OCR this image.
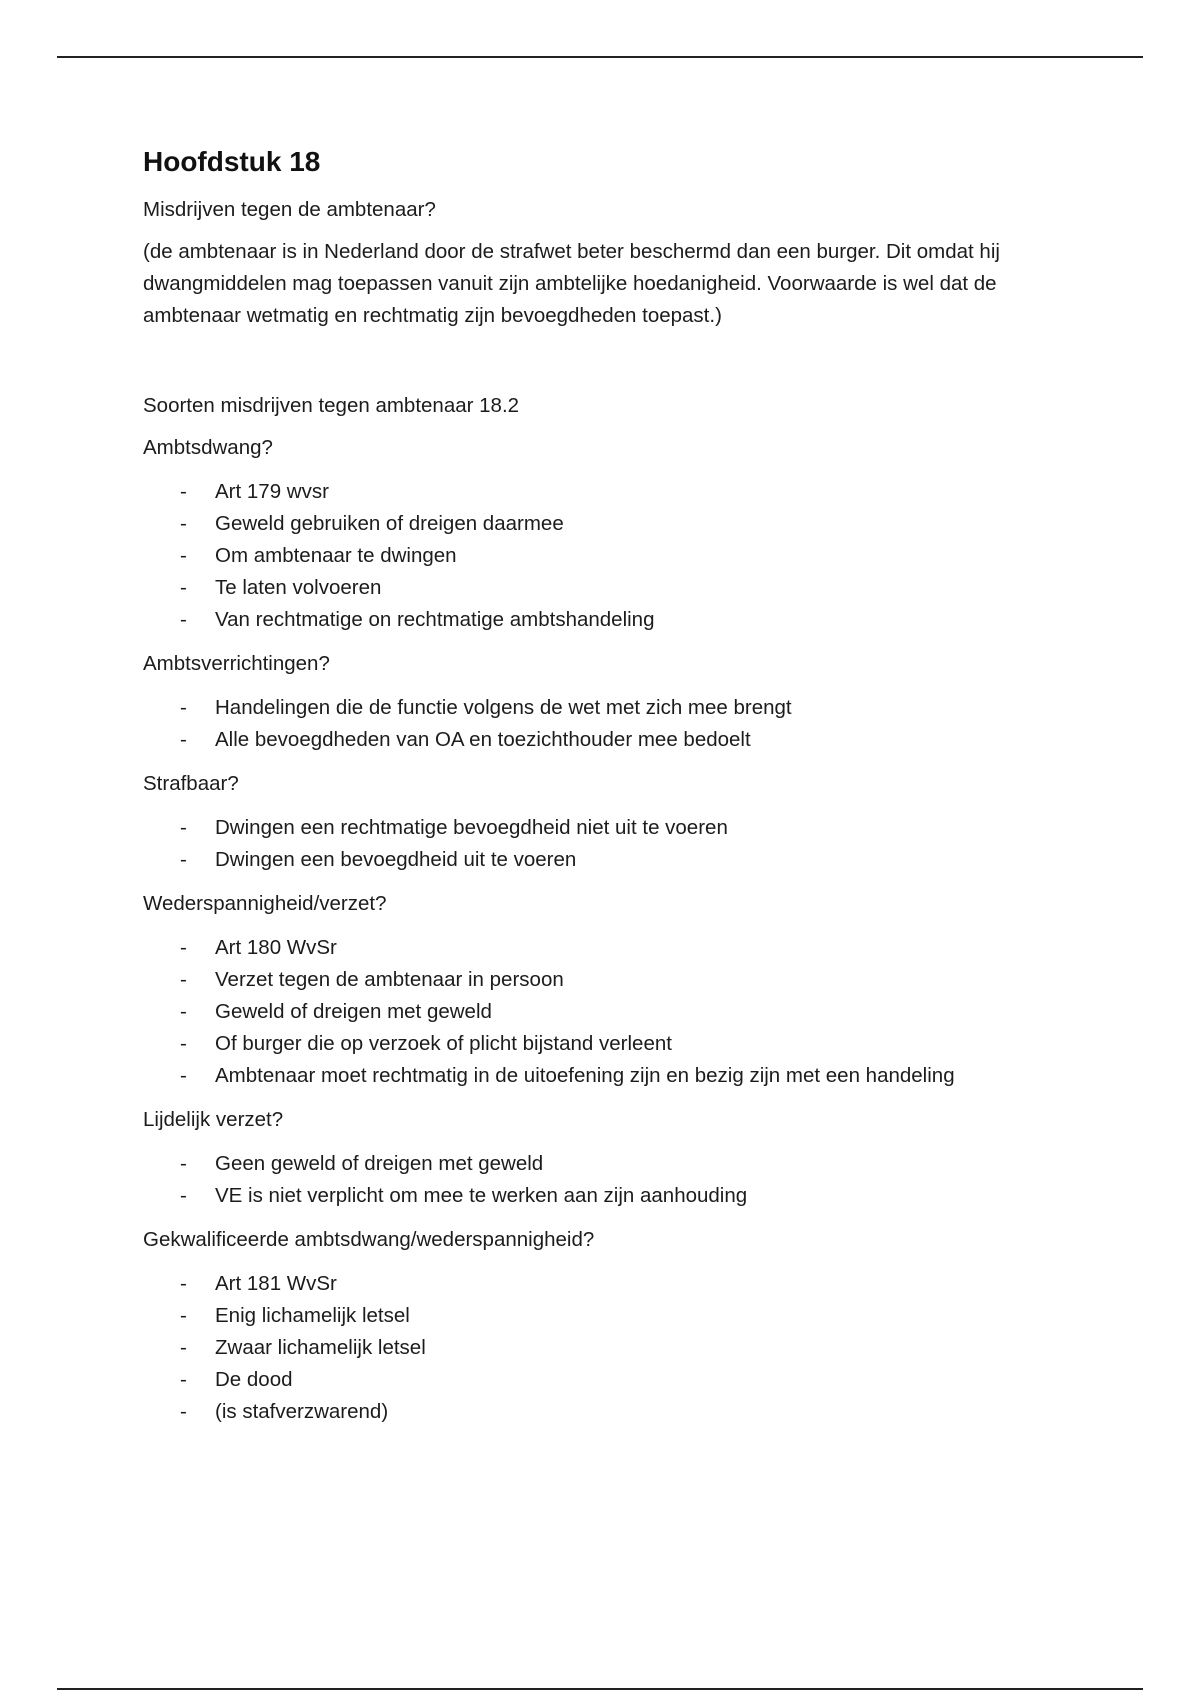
Hoofdstuk 18

Misdrijven tegen de ambtenaar?

(de ambtenaar is in Nederland door de strafwet beter beschermd dan een burger. Dit omdat hij dwangmiddelen mag toepassen vanuit zijn ambtelijke hoedanigheid. Voorwaarde is wel dat de ambtenaar wetmatig en rechtmatig zijn bevoegdheden toepast.)

Soorten misdrijven tegen ambtenaar 18.2

Ambtsdwang?

- Art 179 wvsr
- Geweld gebruiken of dreigen daarmee
- Om ambtenaar te dwingen
- Te laten volvoeren
- Van rechtmatige on rechtmatige ambtshandeling

Ambtsverrichtingen?

- Handelingen die de functie volgens de wet met zich mee brengt
- Alle bevoegdheden van OA en toezichthouder mee bedoelt

Strafbaar?

- Dwingen een rechtmatige bevoegdheid niet uit te voeren
- Dwingen een bevoegdheid uit te voeren

Wederspannigheid/verzet?

- Art 180 WvSr
- Verzet tegen de ambtenaar in persoon
- Geweld of dreigen met geweld
- Of burger die op verzoek of plicht bijstand verleent
- Ambtenaar moet rechtmatig in de uitoefening zijn en bezig zijn met een handeling

Lijdelijk verzet?

- Geen geweld of dreigen met geweld
- VE is niet verplicht om mee te werken aan zijn aanhouding

Gekwalificeerde ambtsdwang/wederspannigheid?

- Art 181 WvSr
- Enig lichamelijk letsel
- Zwaar lichamelijk letsel
- De dood
- (is stafverzwarend)
